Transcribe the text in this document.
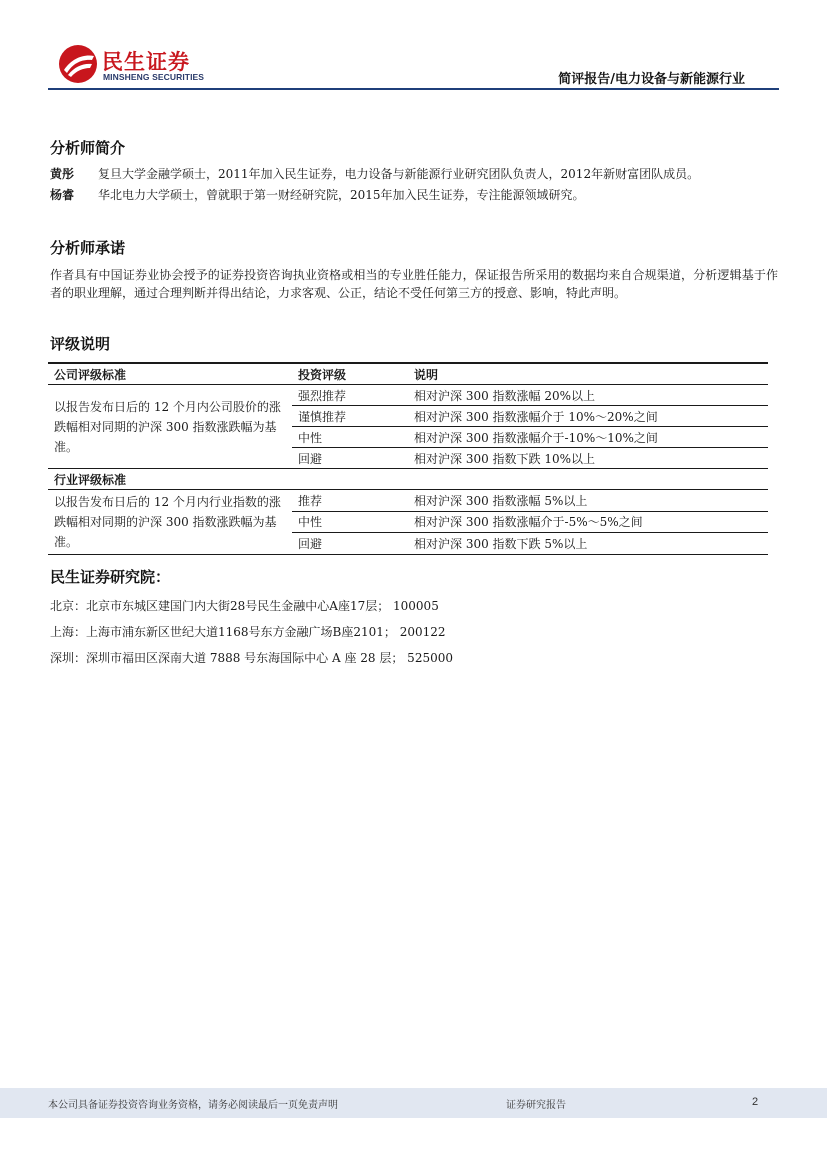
民生证券
MINSHENG SECURITIES	简评报告/电力设备与新能源行业
分析师简介
黄彤 复旦大学金融学硕士，2011年加入民生证券，电力设备与新能源行业研究团队负责人，2012年新财富团队成员。
杨睿 华北电力大学硕士，曾就职于第一财经研究院，2015年加入民生证券，专注能源领域研究。
分析师承诺
作者具有中国证券业协会授予的证券投资咨询执业资格或相当的专业胜任能力，保证报告所采用的数据均来自合规渠道，分析逻辑基于作者的职业理解，通过合理判断并得出结论，力求客观、公正，结论不受任何第三方的授意、影响，特此声明。
评级说明
公司评级标准	投资评级	说明
以报告发布日后的 12 个月内公司股价的涨跌幅相对同期的沪深 300 指数涨跌幅为基准。	强烈推荐	相对沪深 300 指数涨幅 20%以上
	谨慎推荐	相对沪深 300 指数涨幅介于 10%～20%之间
	中性	相对沪深 300 指数涨幅介于-10%～10%之间
	回避	相对沪深 300 指数下跌 10%以上
行业评级标准		
以报告发布日后的 12 个月内行业指数的涨跌幅相对同期的沪深 300 指数涨跌幅为基准。	推荐	相对沪深 300 指数涨幅 5%以上
	中性	相对沪深 300 指数涨幅介于-5%～5%之间
	回避	相对沪深 300 指数下跌 5%以上
民生证券研究院：
北京：北京市东城区建国门内大街28号民生金融中心A座17层； 100005
上海：上海市浦东新区世纪大道1168号东方金融广场B座2101； 200122
深圳：深圳市福田区深南大道 7888 号东海国际中心 A 座 28 层； 525000
本公司具备证券投资咨询业务资格，请务必阅读最后一页免责声明	证券研究报告	2
